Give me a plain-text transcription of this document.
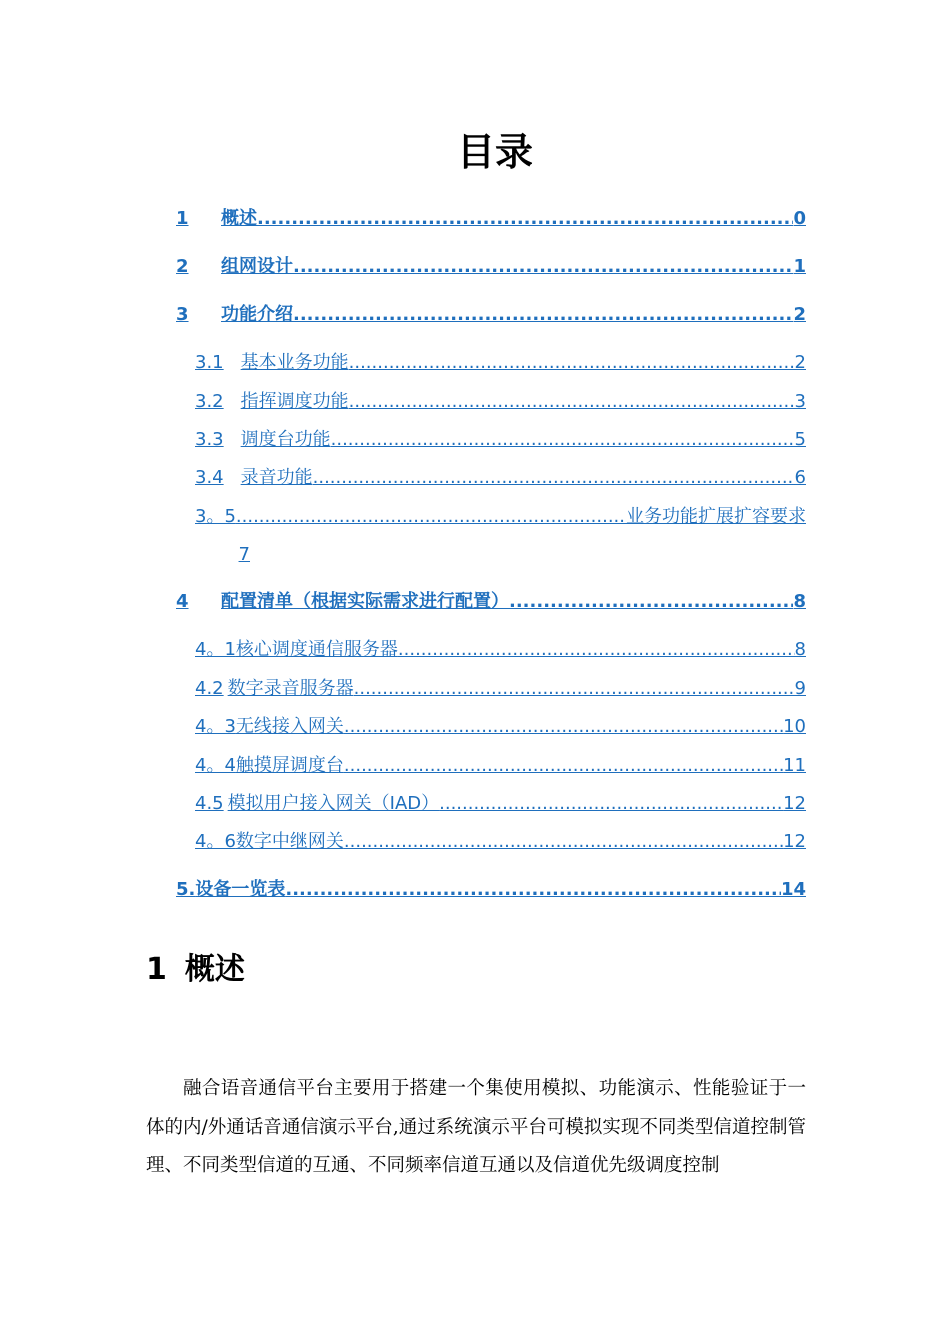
目录
1	概述 .....	0
2	组网设计 .....	1
3	功能介绍 .....	2
3.1 基本业务功能 .....	2
3.2 指挥调度功能 .....	3
3.3 调度台功能 .....	5
3.4 录音功能 .....	6
3。5 .....	业务功能扩展扩容要求
7
4	配置清单（根据实际需求进行配置） .....	8
4。1 核心调度通信服务器 .....	8
4.2 数字录音服务器 .....	9
4。3 无线接入网关 .....	10
4。4 触摸屏调度台 .....	11
4.5 模拟用户接入网关（IAD） .....	12
4。6 数字中继网关 .....	12
5. 设备一览表 .....	14
1 概述
融合语音通信平台主要用于搭建一个集使用模拟、功能演示、性能验证于一体的内/外通话音通信演示平台,通过系统演示平台可模拟实现不同类型信道控制管理、不同类型信道的互通、不同频率信道互通以及信道优先级调度控制
